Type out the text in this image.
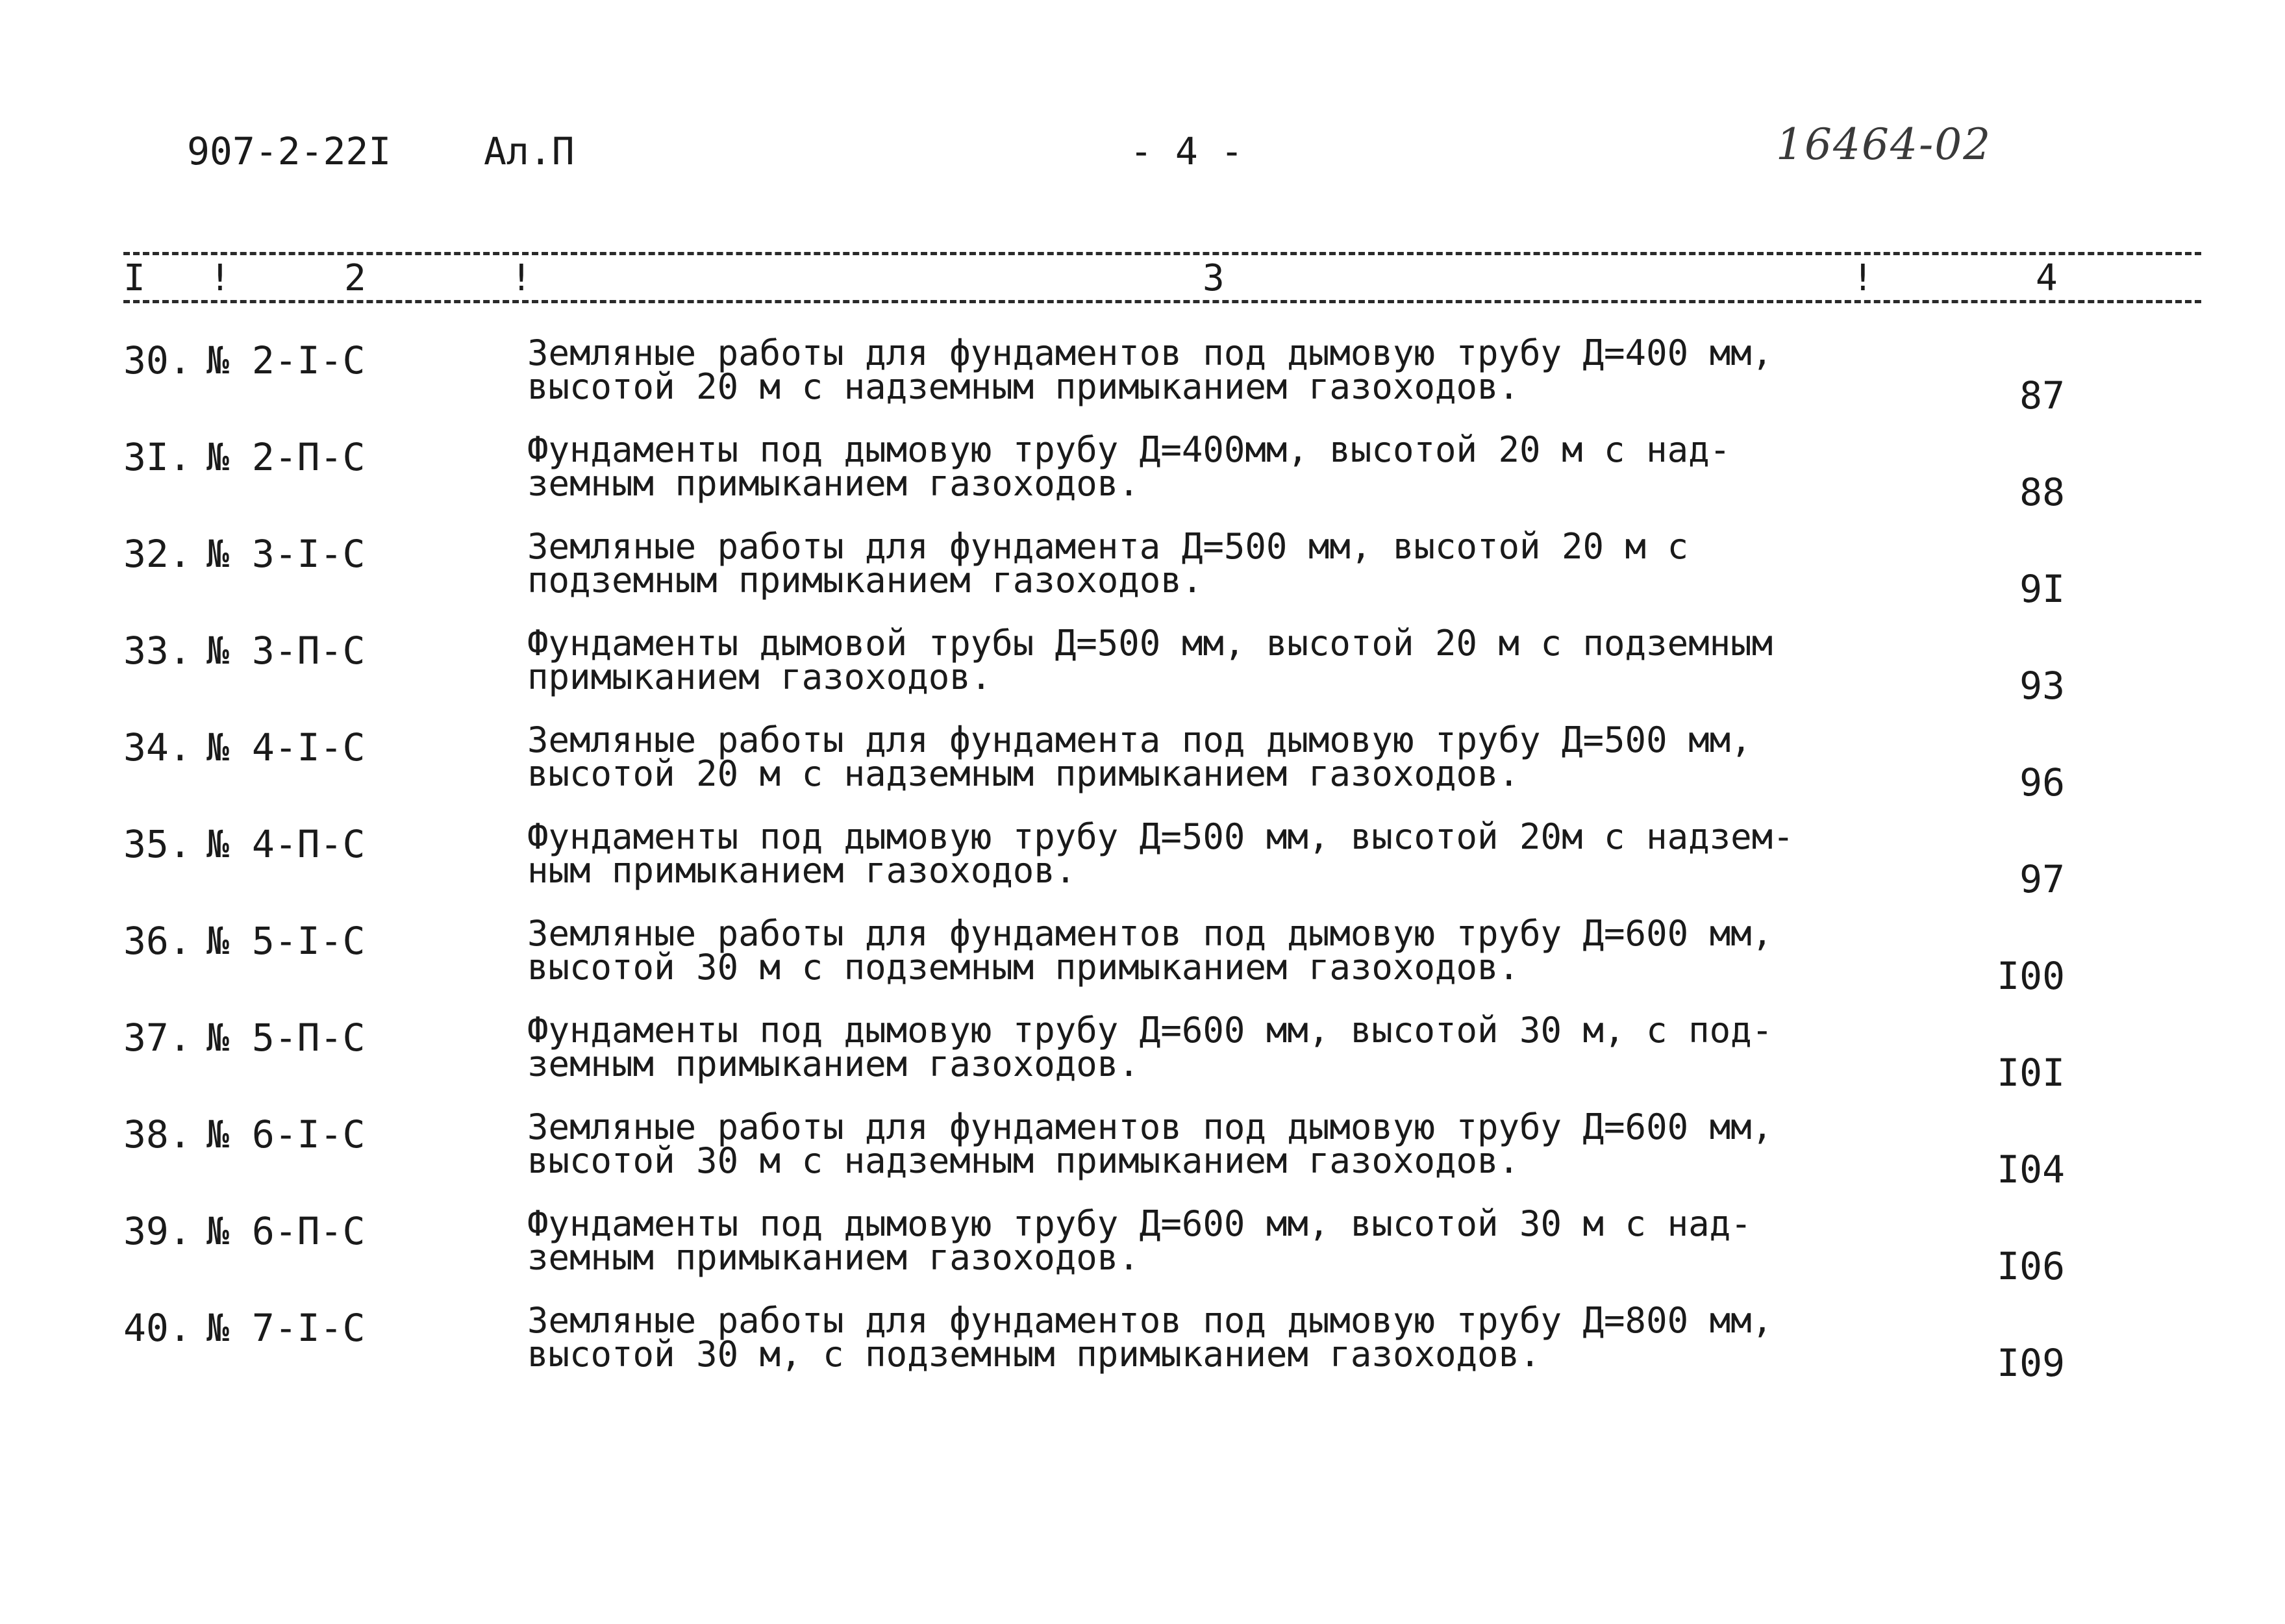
907-2-22I Ал.П	- 4 -	16464-02
I !	2	!	3	!	4
30. № 2-I-С	Земляные работы для фундаментов под дымовую трубу Д=400 мм,
высотой 20 м с надземным примыканием газоходов.	87
3I. № 2-П-С	Фундаменты под дымовую трубу Д=400мм, высотой 20 м с над-
земным примыканием газоходов.	88
32. № 3-I-С	Земляные работы для фундамента Д=500 мм, высотой 20 м с
подземным примыканием газоходов.	9I
33. № 3-П-С	Фундаменты дымовой трубы Д=500 мм, высотой 20 м с подземным
примыканием газоходов.	93
34. № 4-I-С	Земляные работы для фундамента под дымовую трубу Д=500 мм,
высотой 20 м с надземным примыканием газоходов.	96
35. № 4-П-С	Фундаменты под дымовую трубу Д=500 мм, высотой 20м с надзем-
ным примыканием газоходов.	97
36. № 5-I-С	Земляные работы для фундаментов под дымовую трубу Д=600 мм,
высотой 30 м с подземным примыканием газоходов.	I00
37. № 5-П-С	Фундаменты под дымовую трубу Д=600 мм, высотой 30 м, с под-
земным примыканием газоходов.	I0I
38. № 6-I-С	Земляные работы для фундаментов под дымовую трубу Д=600 мм,
высотой 30 м с надземным примыканием газоходов.	I04
39. № 6-П-С	Фундаменты под дымовую трубу Д=600 мм, высотой 30 м с над-
земным примыканием газоходов.	I06
40. № 7-I-С	Земляные работы для фундаментов под дымовую трубу Д=800 мм,
высотой 30 м, с подземным примыканием газоходов.	I09
